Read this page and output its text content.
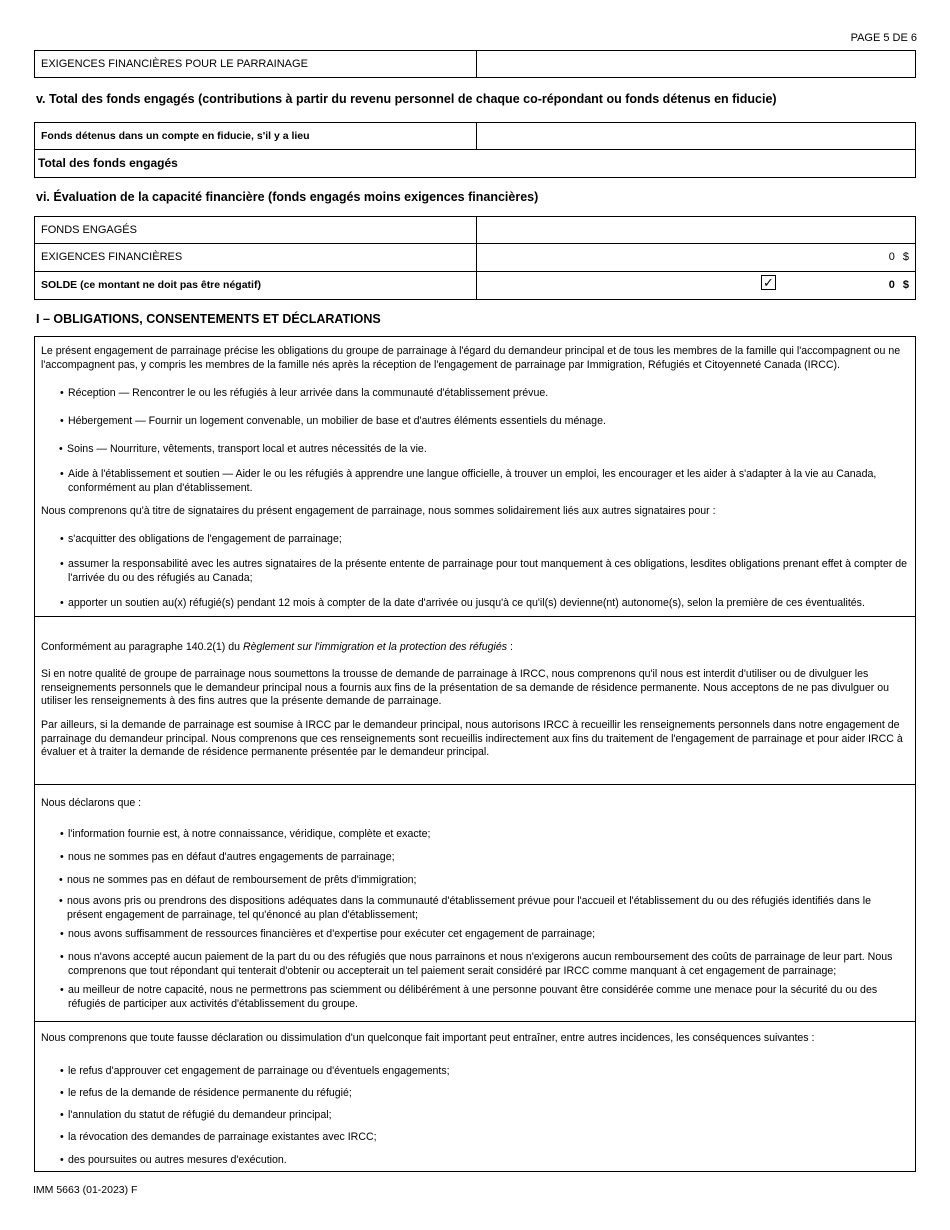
PAGE 5 DE 6
EXIGENCES FINANCIÈRES POUR LE PARRAINAGE
v. Total des fonds engagés (contributions à partir du revenu personnel de chaque co-répondant ou fonds détenus en fiducie)
Fonds détenus dans un compte en fiducie, s'il y a lieu
Total des fonds engagés
vi. Évaluation de la capacité financière (fonds engagés moins exigences financières)
FONDS ENGAGÉS
EXIGENCES FINANCIÈRES	0 $
SOLDE (ce montant ne doit pas être négatif)	✓	0 $
I – OBLIGATIONS, CONSENTEMENTS ET DÉCLARATIONS

Le présent engagement de parrainage précise les obligations du groupe de parrainage à l'égard du demandeur principal et de tous les membres de la famille qui l'accompagnent ou ne l'accompagnent pas, y compris les membres de la famille nés après la réception de l'engagement de parrainage par Immigration, Réfugiés et Citoyenneté Canada (IRCC).

• Réception — Rencontrer le ou les réfugiés à leur arrivée dans la communauté d'établissement prévue.
• Hébergement — Fournir un logement convenable, un mobilier de base et d'autres éléments essentiels du ménage.
• Soins — Nourriture, vêtements, transport local et autres nécessités de la vie.
• Aide à l'établissement et soutien — Aider le ou les réfugiés à apprendre une langue officielle, à trouver un emploi, les encourager et les aider à s'adapter à la vie au Canada, conformément au plan d'établissement.

Nous comprenons qu'à titre de signataires du présent engagement de parrainage, nous sommes solidairement liés aux autres signataires pour :

• s'acquitter des obligations de l'engagement de parrainage;
• assumer la responsabilité avec les autres signataires de la présente entente de parrainage pour tout manquement à ces obligations, lesdites obligations prenant effet à compter de l'arrivée du ou des réfugiés au Canada;
• apporter un soutien au(x) réfugié(s) pendant 12 mois à compter de la date d'arrivée ou jusqu'à ce qu'il(s) devienne(nt) autonome(s), selon la première de ces éventualités.

Conformément au paragraphe 140.2(1) du Règlement sur l'immigration et la protection des réfugiés :

Si en notre qualité de groupe de parrainage nous soumettons la trousse de demande de parrainage à IRCC, nous comprenons qu'il nous est interdit d'utiliser ou de divulguer les renseignements personnels que le demandeur principal nous a fournis aux fins de la présentation de sa demande de résidence permanente. Nous acceptons de ne pas divulguer ou utiliser les renseignements à des fins autres que la présente demande de parrainage.

Par ailleurs, si la demande de parrainage est soumise à IRCC par le demandeur principal, nous autorisons IRCC à recueillir les renseignements personnels dans notre engagement de parrainage du demandeur principal. Nous comprenons que ces renseignements sont recueillis indirectement aux fins du traitement de l'engagement de parrainage et pour aider IRCC à évaluer et à traiter la demande de résidence permanente présentée par le demandeur principal.

Nous déclarons que :

• l'information fournie est, à notre connaissance, véridique, complète et exacte;
• nous ne sommes pas en défaut d'autres engagements de parrainage;
• nous ne sommes pas en défaut de remboursement de prêts d'immigration;
• nous avons pris ou prendrons des dispositions adéquates dans la communauté d'établissement prévue pour l'accueil et l'établissement du ou des réfugiés identifiés dans le présent engagement de parrainage, tel qu'énoncé au plan d'établissement;
• nous avons suffisamment de ressources financières et d'expertise pour exécuter cet engagement de parrainage;
• nous n'avons accepté aucun paiement de la part du ou des réfugiés que nous parrainons et nous n'exigerons aucun remboursement des coûts de parrainage de leur part. Nous comprenons que tout répondant qui tenterait d'obtenir ou accepterait un tel paiement serait considéré par IRCC comme manquant à cet engagement de parrainage;
• au meilleur de notre capacité, nous ne permettrons pas sciemment ou délibérément à une personne pouvant être considérée comme une menace pour la sécurité du ou des réfugiés de participer aux activités d'établissement du groupe.

Nous comprenons que toute fausse déclaration ou dissimulation d'un quelconque fait important peut entraîner, entre autres incidences, les conséquences suivantes :

• le refus d'approuver cet engagement de parrainage ou d'éventuels engagements;
• le refus de la demande de résidence permanente du réfugié;
• l'annulation du statut de réfugié du demandeur principal;
• la révocation des demandes de parrainage existantes avec IRCC;
• des poursuites ou autres mesures d'exécution.
IMM 5663 (01-2023) F
